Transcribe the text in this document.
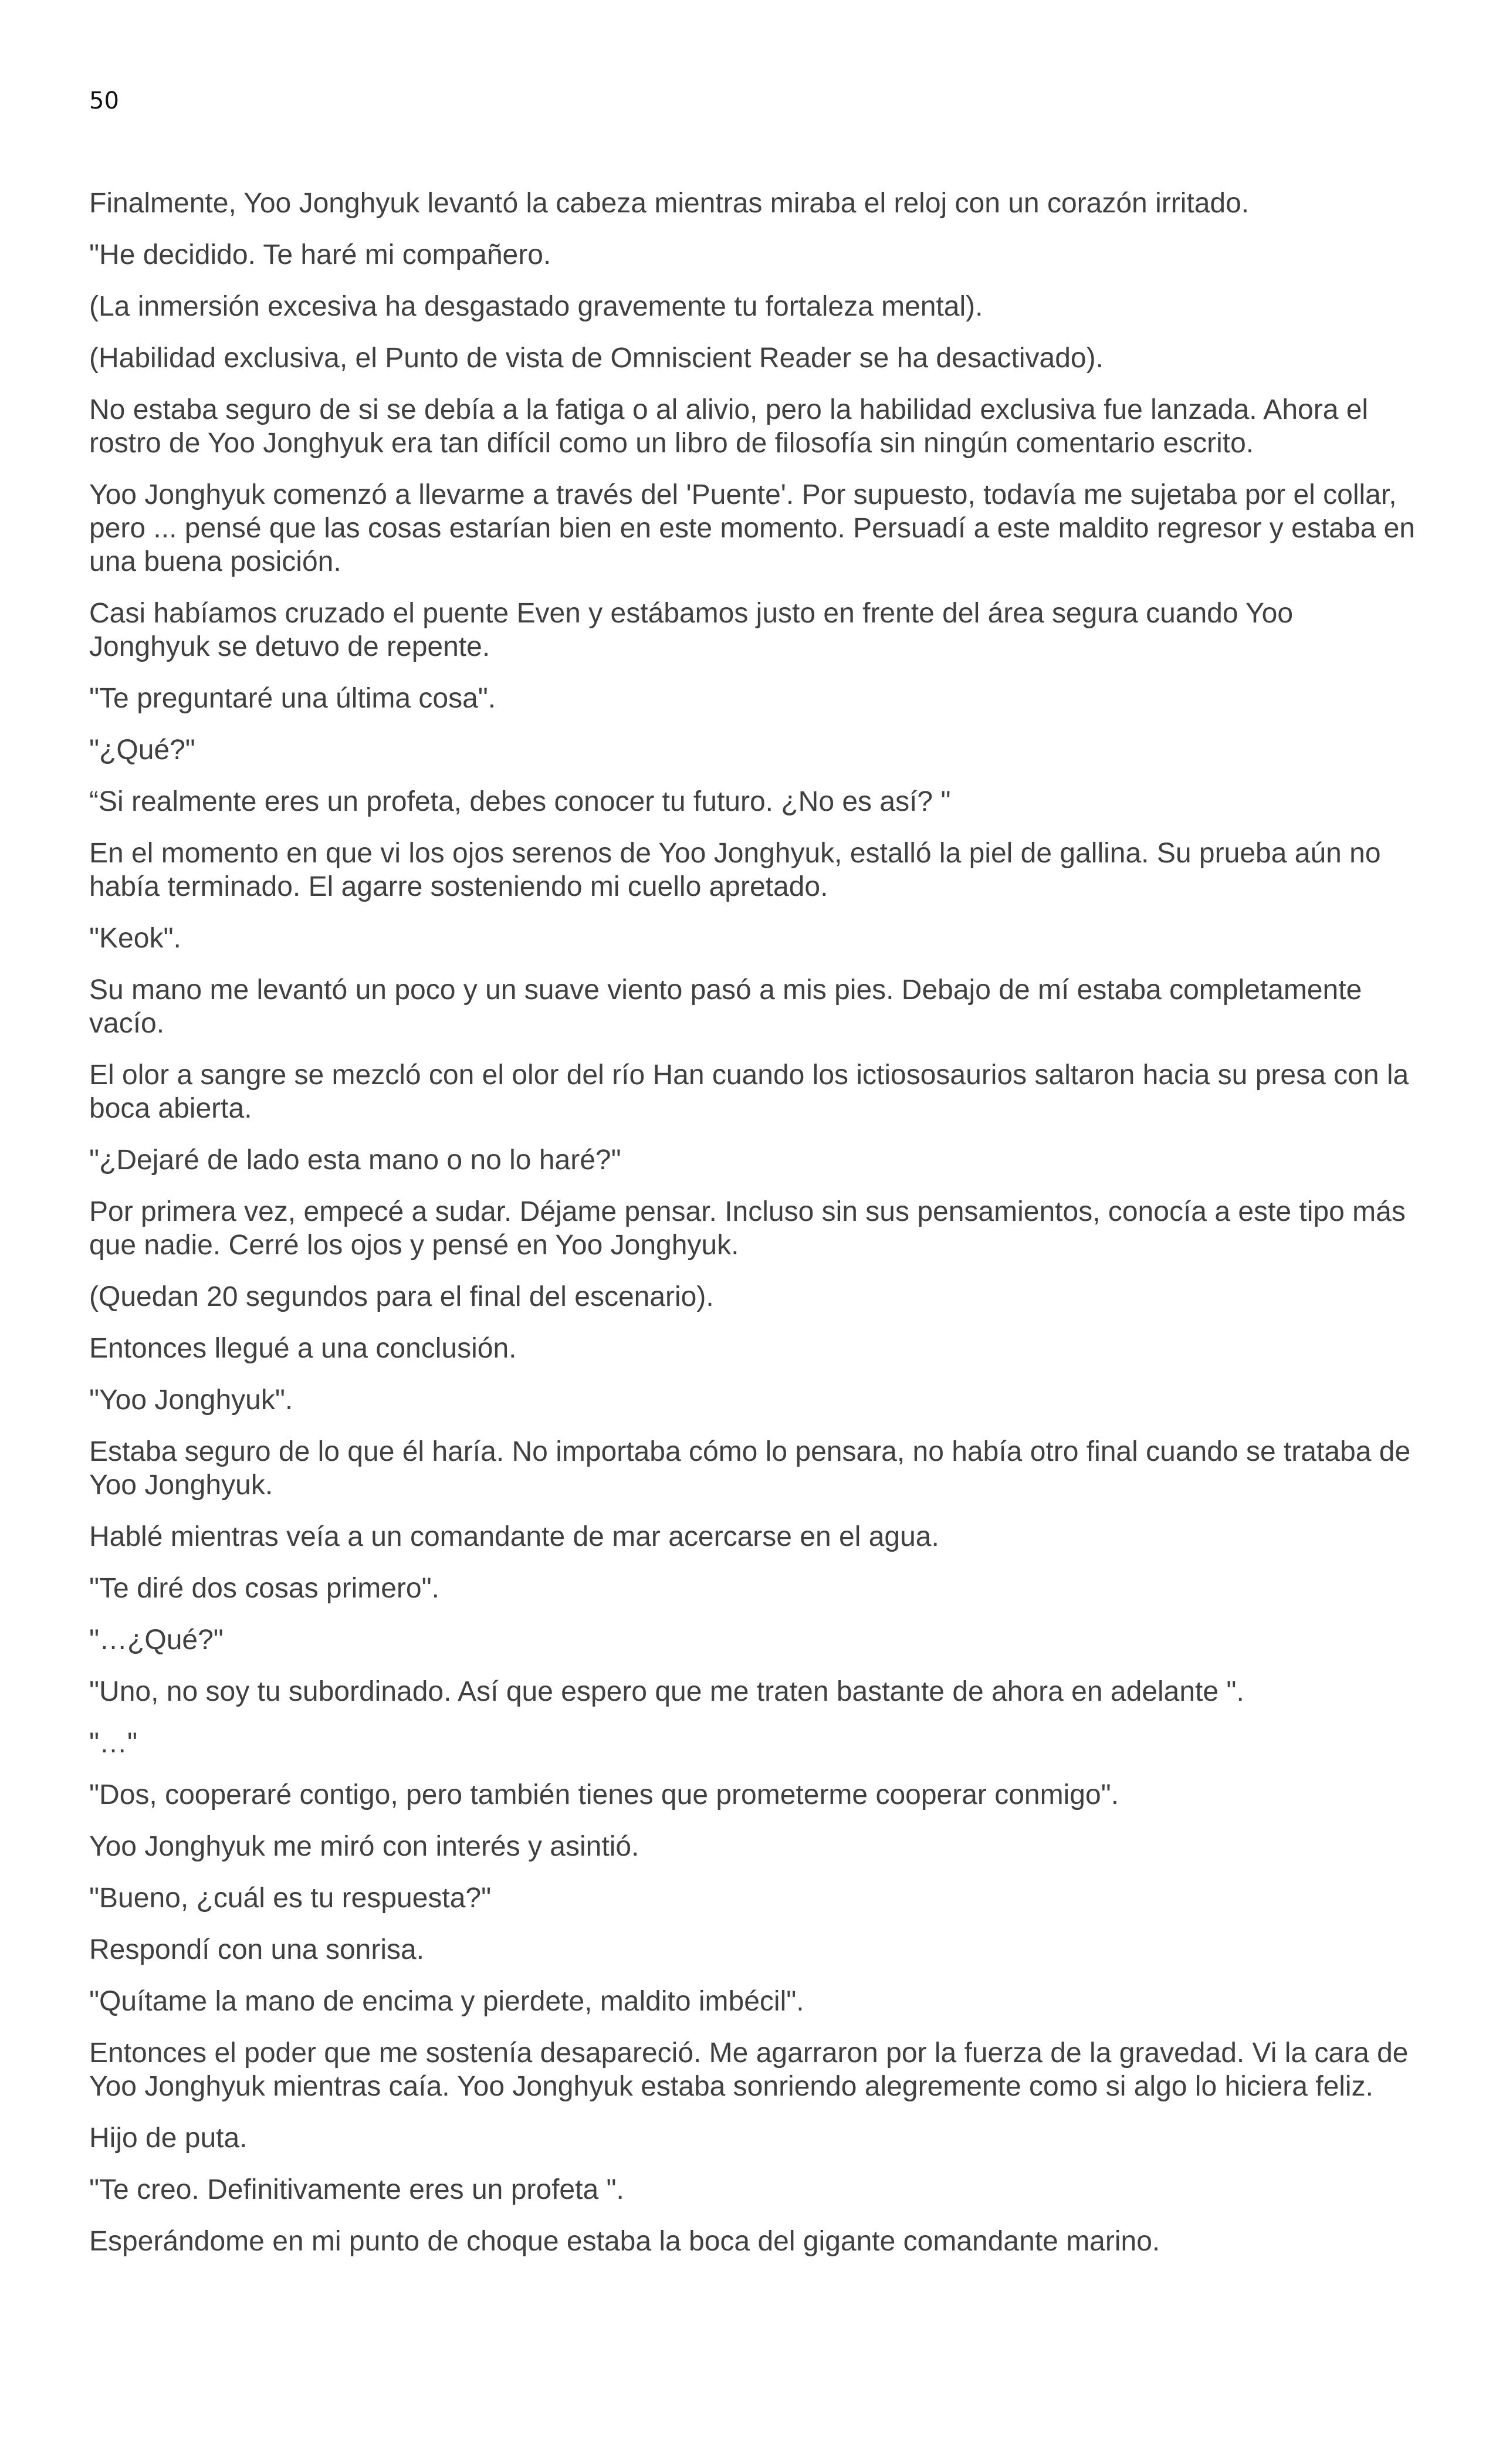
50

Finalmente, Yoo Jonghyuk levantó la cabeza mientras miraba el reloj con un corazón irritado.

"He decidido. Te haré mi compañero.

(La inmersión excesiva ha desgastado gravemente tu fortaleza mental).

(Habilidad exclusiva, el Punto de vista de Omniscient Reader se ha desactivado).

No estaba seguro de si se debía a la fatiga o al alivio, pero la habilidad exclusiva fue lanzada. Ahora el rostro de Yoo Jonghyuk era tan difícil como un libro de filosofía sin ningún comentario escrito.

Yoo Jonghyuk comenzó a llevarme a través del 'Puente'. Por supuesto, todavía me sujetaba por el collar, pero ... pensé que las cosas estarían bien en este momento. Persuadí a este maldito regresor y estaba en una buena posición.

Casi habíamos cruzado el puente Even y estábamos justo en frente del área segura cuando Yoo Jonghyuk se detuvo de repente.

"Te preguntaré una última cosa".

"¿Qué?"

“Si realmente eres un profeta, debes conocer tu futuro. ¿No es así? "

En el momento en que vi los ojos serenos de Yoo Jonghyuk, estalló la piel de gallina. Su prueba aún no había terminado. El agarre sosteniendo mi cuello apretado.

"Keok".

Su mano me levantó un poco y un suave viento pasó a mis pies. Debajo de mí estaba completamente vacío.

El olor a sangre se mezcló con el olor del río Han cuando los ictiososaurios saltaron hacia su presa con la boca abierta.

"¿Dejaré de lado esta mano o no lo haré?"

Por primera vez, empecé a sudar. Déjame pensar. Incluso sin sus pensamientos, conocía a este tipo más que nadie. Cerré los ojos y pensé en Yoo Jonghyuk.

(Quedan 20 segundos para el final del escenario).

Entonces llegué a una conclusión.

"Yoo Jonghyuk".

Estaba seguro de lo que él haría. No importaba cómo lo pensara, no había otro final cuando se trataba de Yoo Jonghyuk.

Hablé mientras veía a un comandante de mar acercarse en el agua.

"Te diré dos cosas primero".

"…¿Qué?"

"Uno, no soy tu subordinado. Así que espero que me traten bastante de ahora en adelante ".

"…"

"Dos, cooperaré contigo, pero también tienes que prometerme cooperar conmigo".

Yoo Jonghyuk me miró con interés y asintió.

"Bueno, ¿cuál es tu respuesta?"

Respondí con una sonrisa.

"Quítame la mano de encima y pierdete, maldito imbécil".

Entonces el poder que me sostenía desapareció. Me agarraron por la fuerza de la gravedad. Vi la cara de Yoo Jonghyuk mientras caía. Yoo Jonghyuk estaba sonriendo alegremente como si algo lo hiciera feliz.

Hijo de puta.

"Te creo. Definitivamente eres un profeta ".

Esperándome en mi punto de choque estaba la boca del gigante comandante marino.
